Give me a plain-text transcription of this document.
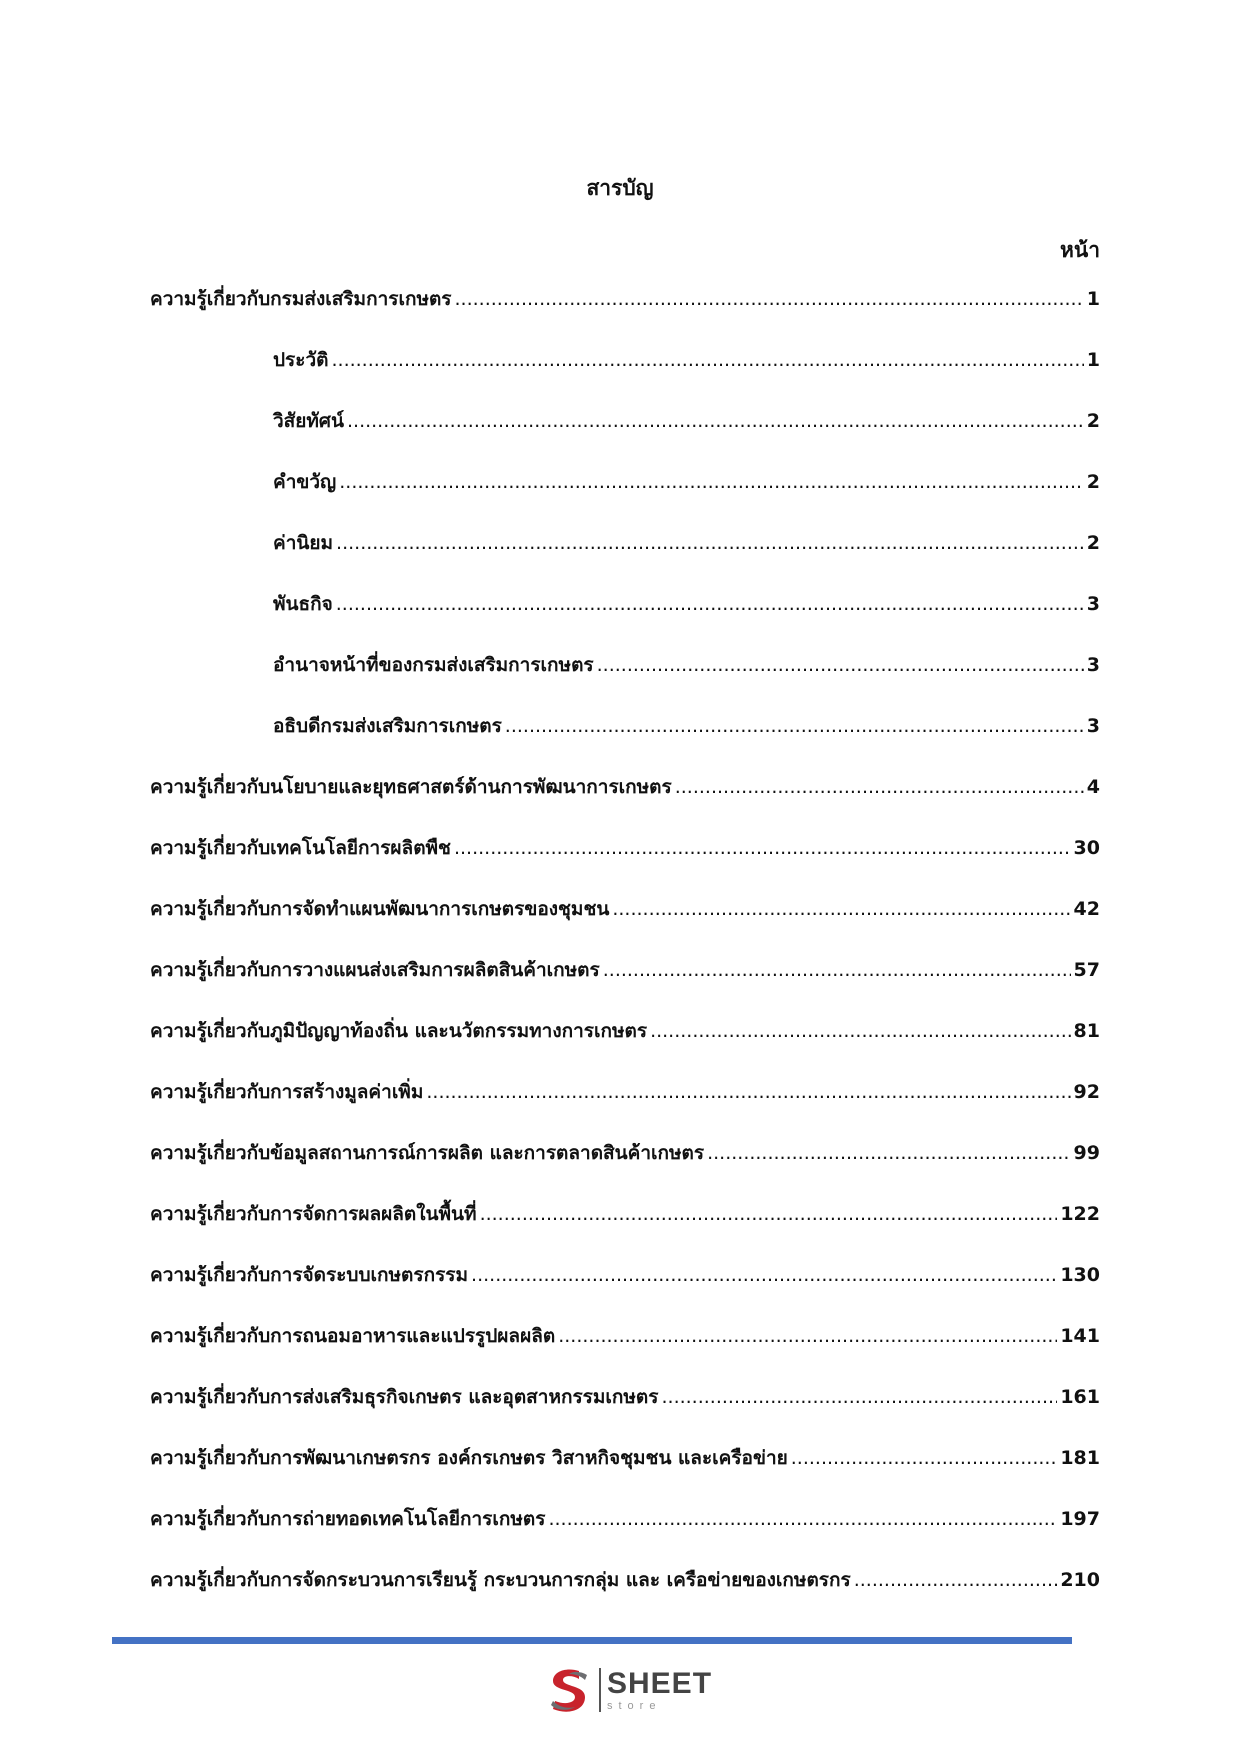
สารบัญ
หน้า
ความรู้เกี่ยวกับกรมส่งเสริมการเกษตร .....	1
ประวัติ .....	1
วิสัยทัศน์ .....	2
คำขวัญ .....	2
ค่านิยม .....	2
พันธกิจ .....	3
อำนาจหน้าที่ของกรมส่งเสริมการเกษตร .....	3
อธิบดีกรมส่งเสริมการเกษตร .....	3
ความรู้เกี่ยวกับนโยบายและยุทธศาสตร์ด้านการพัฒนาการเกษตร .....	4
ความรู้เกี่ยวกับเทคโนโลยีการผลิตพืช .....	30
ความรู้เกี่ยวกับการจัดทำแผนพัฒนาการเกษตรของชุมชน .....	42
ความรู้เกี่ยวกับการวางแผนส่งเสริมการผลิตสินค้าเกษตร .....	57
ความรู้เกี่ยวกับภูมิปัญญาท้องถิ่น และนวัตกรรมทางการเกษตร .....	81
ความรู้เกี่ยวกับการสร้างมูลค่าเพิ่ม .....	92
ความรู้เกี่ยวกับข้อมูลสถานการณ์การผลิต และการตลาดสินค้าเกษตร .....	99
ความรู้เกี่ยวกับการจัดการผลผลิตในพื้นที่ .....	122
ความรู้เกี่ยวกับการจัดระบบเกษตรกรรม .....	130
ความรู้เกี่ยวกับการถนอมอาหารและแปรรูปผลผลิต .....	141
ความรู้เกี่ยวกับการส่งเสริมธุรกิจเกษตร และอุตสาหกรรมเกษตร .....	161
ความรู้เกี่ยวกับการพัฒนาเกษตรกร องค์กรเกษตร วิสาหกิจชุมชน และเครือข่าย .....	181
ความรู้เกี่ยวกับการถ่ายทอดเทคโนโลยีการเกษตร .....	197
ความรู้เกี่ยวกับการจัดกระบวนการเรียนรู้ กระบวนการกลุ่ม และ เครือข่ายของเกษตรกร .....	210
SHEET
store
